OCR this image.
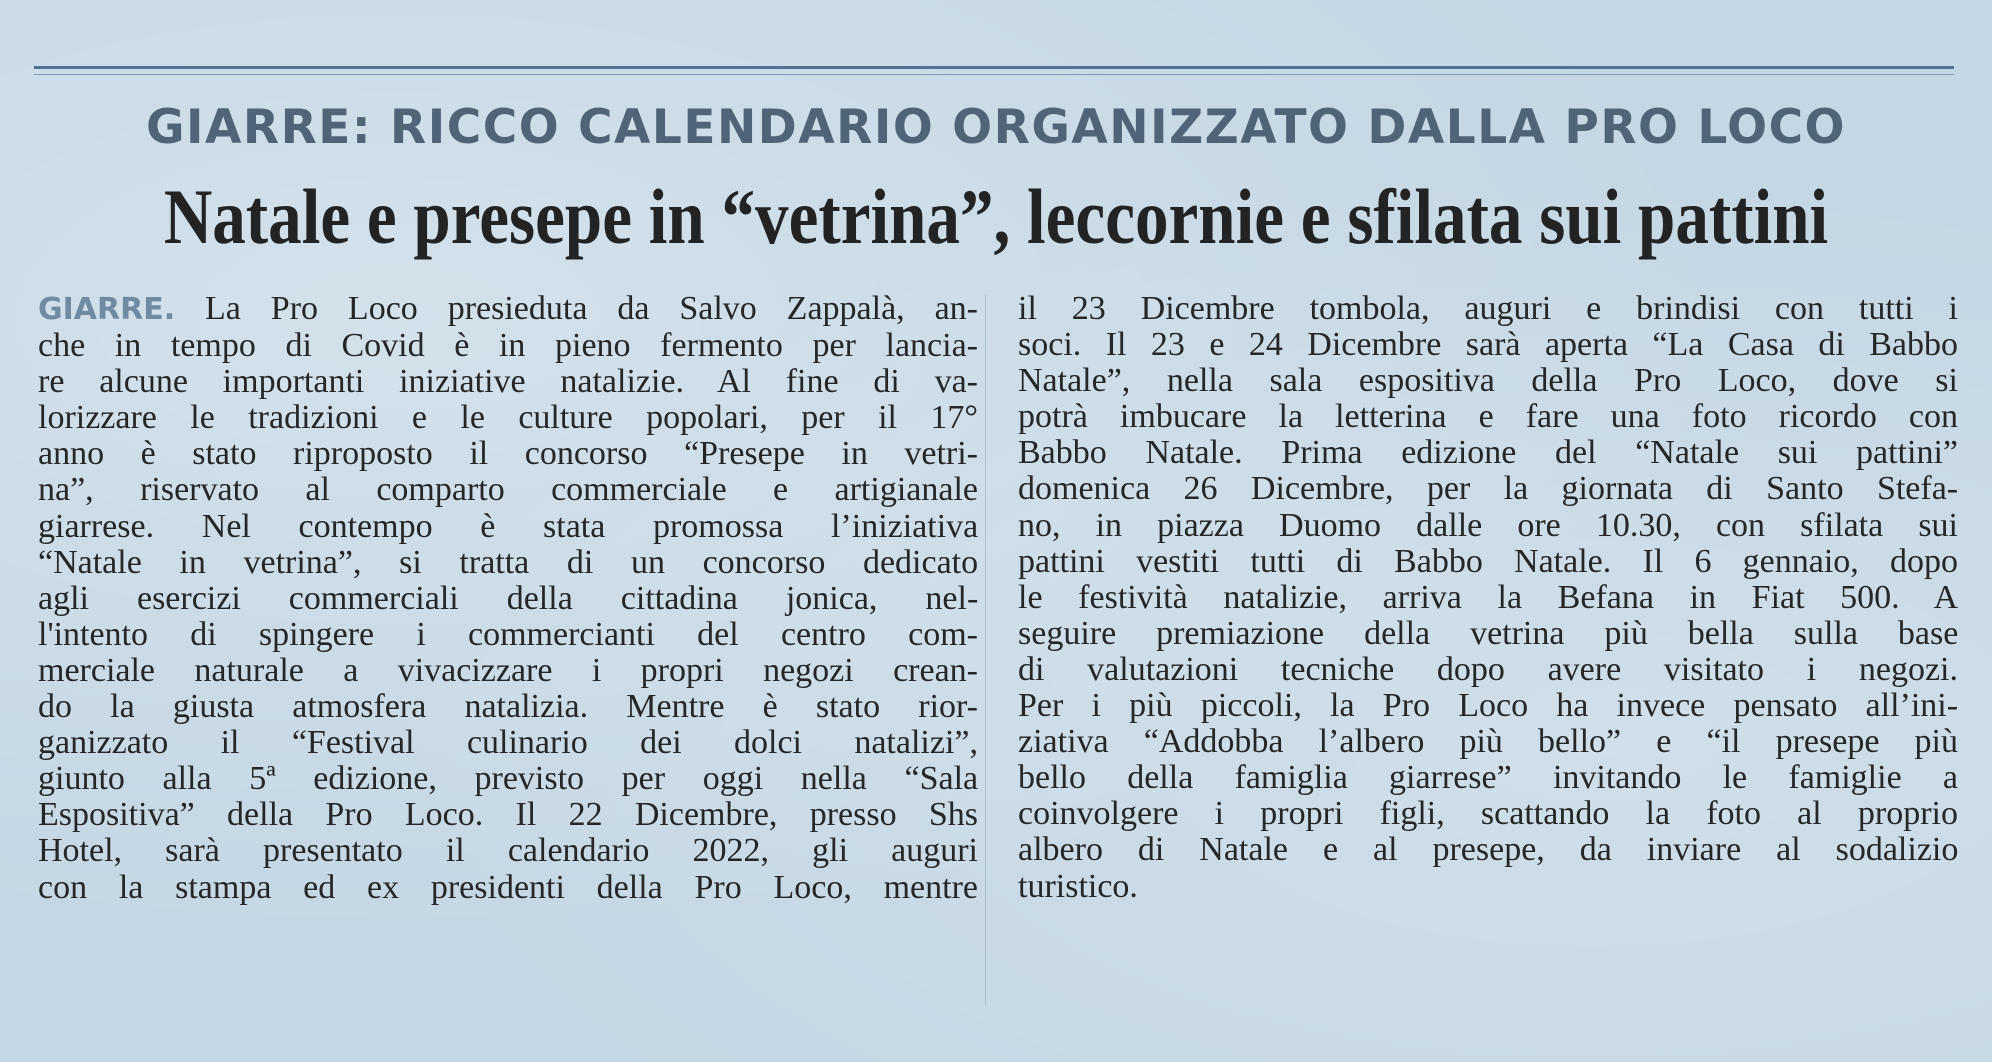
GIARRE: RICCO CALENDARIO ORGANIZZATO DALLA PRO LOCO
Natale e presepe in “vetrina”, leccornie e sfilata sui pattini
GIARRE. La Pro Loco presieduta da Salvo Zappalà, an-
che in tempo di Covid è in pieno fermento per lancia-
re alcune importanti iniziative natalizie. Al fine di va-
lorizzare le tradizioni e le culture popolari, per il 17°
anno è stato riproposto il concorso “Presepe in vetri-
na”, riservato al comparto commerciale e artigianale
giarrese. Nel contempo è stata promossa l’iniziativa
“Natale in vetrina”, si tratta di un concorso dedicato
agli esercizi commerciali della cittadina jonica, nel-
l'intento di spingere i commercianti del centro com-
merciale naturale a vivacizzare i propri negozi crean-
do la giusta atmosfera natalizia. Mentre è stato rior-
ganizzato il “Festival culinario dei dolci natalizi”,
giunto alla 5ª edizione, previsto per oggi nella “Sala
Espositiva” della Pro Loco. Il 22 Dicembre, presso Shs
Hotel, sarà presentato il calendario 2022, gli auguri
con la stampa ed ex presidenti della Pro Loco, mentre
il 23 Dicembre tombola, auguri e brindisi con tutti i
soci. Il 23 e 24 Dicembre sarà aperta “La Casa di Babbo
Natale”, nella sala espositiva della Pro Loco, dove si
potrà imbucare la letterina e fare una foto ricordo con
Babbo Natale. Prima edizione del “Natale sui pattini”
domenica 26 Dicembre, per la giornata di Santo Stefa-
no, in piazza Duomo dalle ore 10.30, con sfilata sui
pattini vestiti tutti di Babbo Natale. Il 6 gennaio, dopo
le festività natalizie, arriva la Befana in Fiat 500. A
seguire premiazione della vetrina più bella sulla base
di valutazioni tecniche dopo avere visitato i negozi.
Per i più piccoli, la Pro Loco ha invece pensato all’ini-
ziativa “Addobba l’albero più bello” e “il presepe più
bello della famiglia giarrese” invitando le famiglie a
coinvolgere i propri figli, scattando la foto al proprio
albero di Natale e al presepe, da inviare al sodalizio
turistico.
